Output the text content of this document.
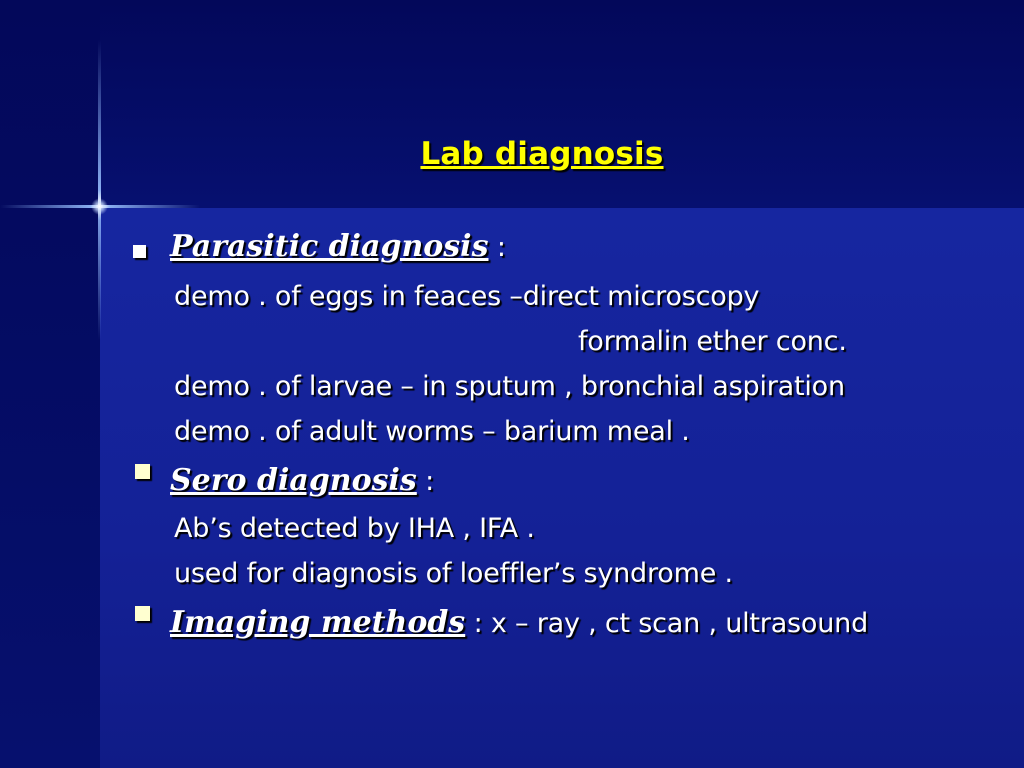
Lab diagnosis
Parasitic diagnosis :
demo . of eggs in feaces –direct microscopy
formalin ether conc.
demo . of larvae – in sputum , bronchial aspiration
demo . of adult worms – barium meal .
Sero diagnosis :
Ab’s detected by IHA , IFA .
used for diagnosis of loeffler’s syndrome .
Imaging methods : x – ray , ct scan , ultrasound
